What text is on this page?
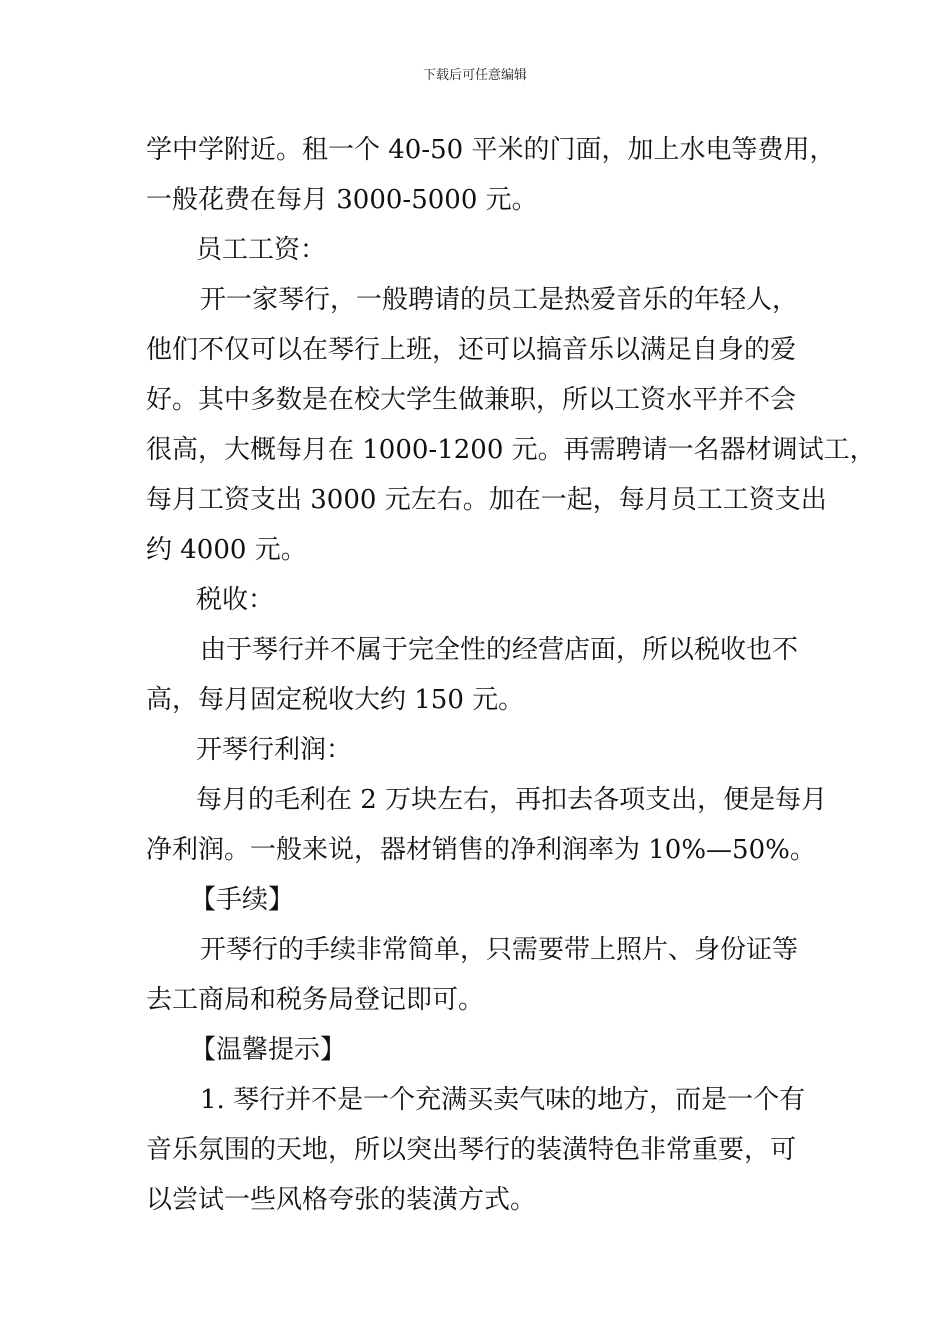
下载后可任意编辑
学中学附近。租一个 40-50 平米的门面，加上水电等费用，
一般花费在每月 3000-5000 元。
员工工资：
开一家琴行，一般聘请的员工是热爱音乐的年轻人，
他们不仅可以在琴行上班，还可以搞音乐以满足自身的爱
好。其中多数是在校大学生做兼职，所以工资水平并不会
很高，大概每月在 1000-1200 元。再需聘请一名器材调试工，
每月工资支出 3000 元左右。加在一起，每月员工工资支出
约 4000 元。
税收：
由于琴行并不属于完全性的经营店面，所以税收也不
高，每月固定税收大约 150 元。
开琴行利润：
每月的毛利在 2 万块左右，再扣去各项支出，便是每月
净利润。一般来说，器材销售的净利润率为 10%—50%。
【手续】
开琴行的手续非常简单，只需要带上照片、身份证等
去工商局和税务局登记即可。
【温馨提示】
1. 琴行并不是一个充满买卖气味的地方，而是一个有
音乐氛围的天地，所以突出琴行的装潢特色非常重要，可
以尝试一些风格夸张的装潢方式。
